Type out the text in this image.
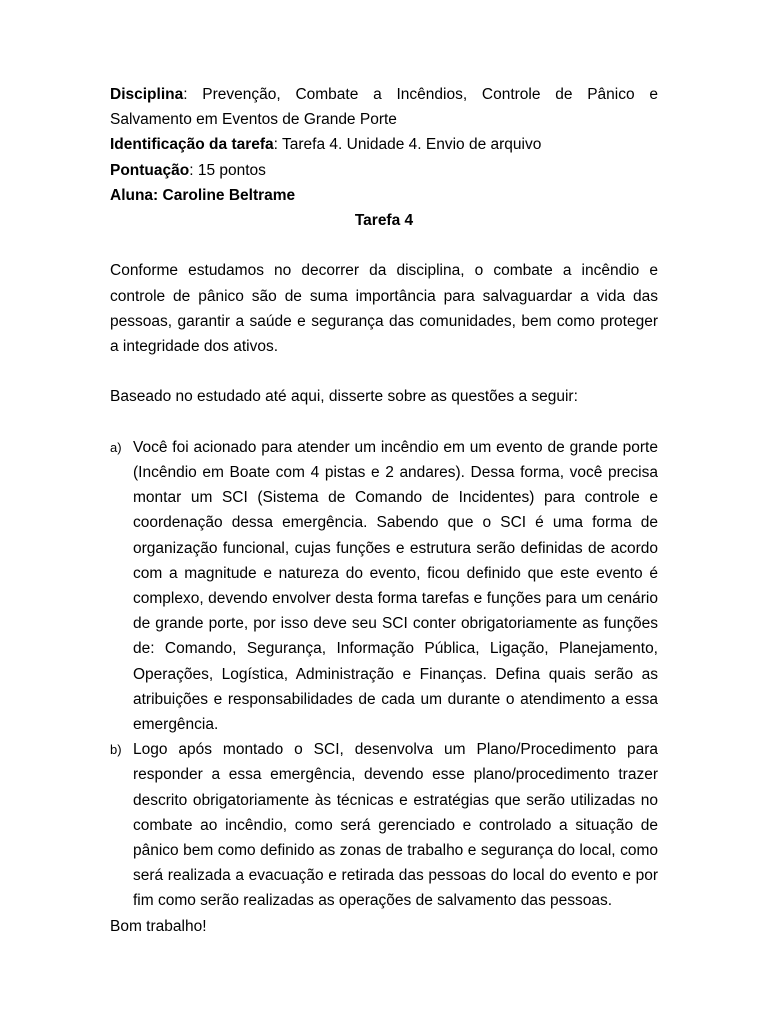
Disciplina: Prevenção, Combate a Incêndios, Controle de Pânico e

Salvamento em Eventos de Grande Porte

Identificação da tarefa: Tarefa 4. Unidade 4. Envio de arquivo

Pontuação: 15 pontos

Aluna: Caroline Beltrame

Tarefa 4

Conforme estudamos no decorrer da disciplina, o combate a incêndio e

controle de pânico são de suma importância para salvaguardar a vida das

pessoas, garantir a saúde e segurança das comunidades, bem como proteger

a integridade dos ativos.

Baseado no estudado até aqui, disserte sobre as questões a seguir:

a) Você foi acionado para atender um incêndio em um evento de grande porte

(Incêndio em Boate com 4 pistas e 2 andares). Dessa forma, você precisa

montar um SCI (Sistema de Comando de Incidentes) para controle e

coordenação dessa emergência. Sabendo que o SCI é uma forma de

organização funcional, cujas funções e estrutura serão definidas de acordo

com a magnitude e natureza do evento, ficou definido que este evento é

complexo, devendo envolver desta forma tarefas e funções para um cenário

de grande porte, por isso deve seu SCI conter obrigatoriamente as funções

de: Comando, Segurança, Informação Pública, Ligação, Planejamento,

Operações, Logística, Administração e Finanças. Defina quais serão as

atribuições e responsabilidades de cada um durante o atendimento a essa

emergência.

b) Logo após montado o SCI, desenvolva um Plano/Procedimento para

responder a essa emergência, devendo esse plano/procedimento trazer

descrito obrigatoriamente às técnicas e estratégias que serão utilizadas no

combate ao incêndio, como será gerenciado e controlado a situação de

pânico bem como definido as zonas de trabalho e segurança do local, como

será realizada a evacuação e retirada das pessoas do local do evento e por

fim como serão realizadas as operações de salvamento das pessoas.

Bom trabalho!
